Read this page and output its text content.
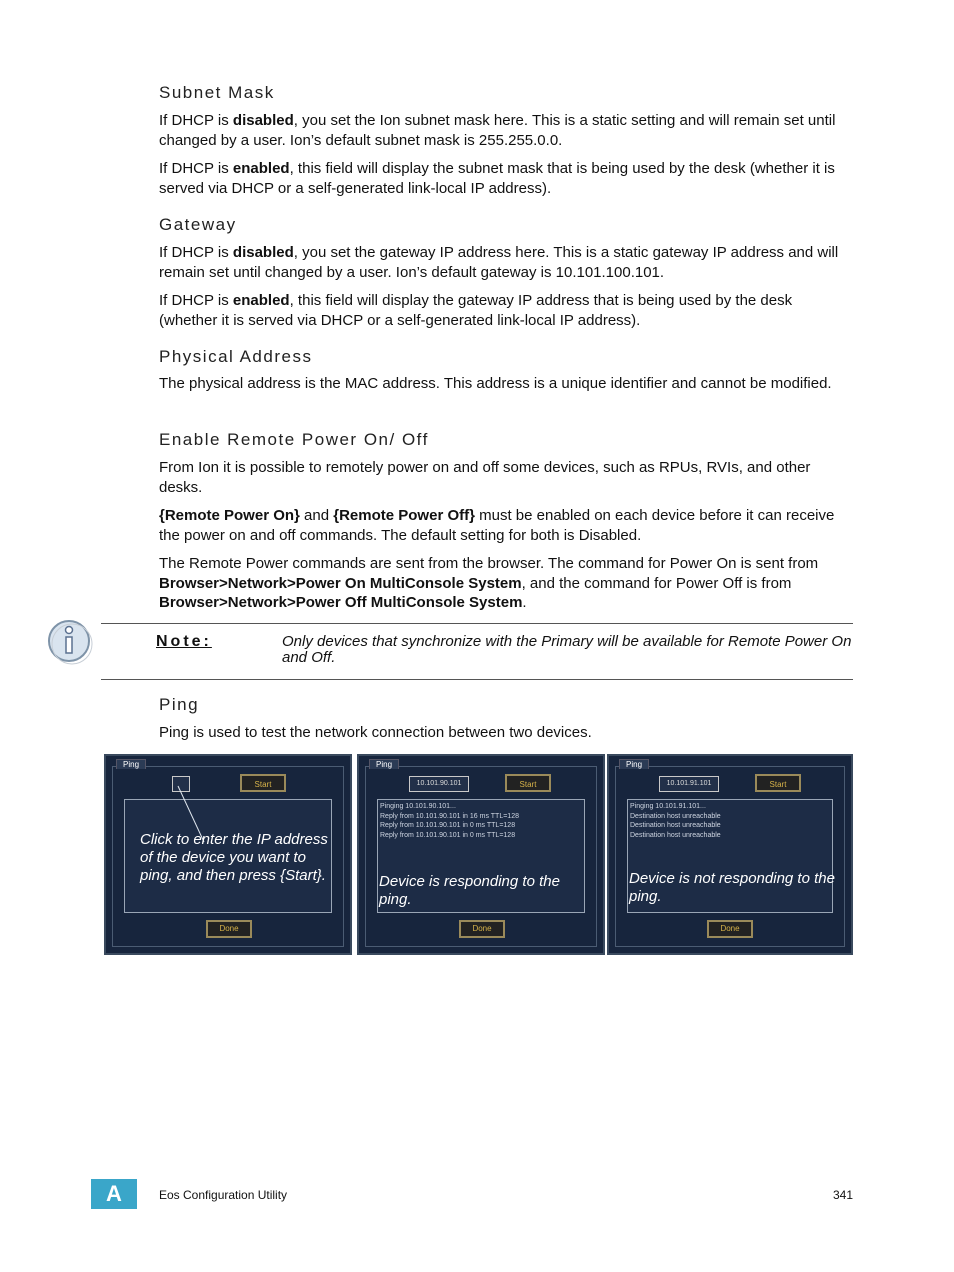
Subnet Mask

If DHCP is disabled, you set the Ion subnet mask here. This is a static setting and will remain set until changed by a user. Ion’s default subnet mask is 255.255.0.0.

If DHCP is enabled, this field will display the subnet mask that is being used by the desk (whether it is served via DHCP or a self-generated link-local IP address).

Gateway

If DHCP is disabled, you set the gateway IP address here. This is a static gateway IP address and will remain set until changed by a user. Ion’s default gateway is 10.101.100.101.

If DHCP is enabled, this field will display the gateway IP address that is being used by the desk (whether it is served via DHCP or a self-generated link-local IP address).

Physical Address

The physical address is the MAC address. This address is a unique identifier and cannot be modified.

Enable Remote Power On/ Off

From Ion it is possible to remotely power on and off some devices, such as RPUs, RVIs, and other desks.

{Remote Power On} and {Remote Power Off} must be enabled on each device before it can receive the power on and off commands. The default setting for both is Disabled.

The Remote Power commands are sent from the browser. The command for Power On is sent from Browser>Network>Power On MultiConsole System, and the command for Power Off is from Browser>Network>Power Off MultiConsole System.

Note:	Only devices that synchronize with the Primary will be available for Remote Power On and Off.
Ping

Ping is used to test the network connection between two devices.

Ping
Start
Click to enter the IP address of the device you want to ping, and then press {Start}.
Done
Ping
10.101.90.101	Start
Pinging 10.101.90.101...
Reply from 10.101.90.101 in 16 ms TTL=128
Reply from 10.101.90.101 in 0 ms TTL=128
Reply from 10.101.90.101 in 0 ms TTL=128
Device is responding to the ping.
Done
Ping
10.101.91.101	Start
Pinging 10.101.91.101...
Destination host unreachable
Destination host unreachable
Destination host unreachable
Device is not responding to the ping.
Done
A	Eos Configuration Utility	341
